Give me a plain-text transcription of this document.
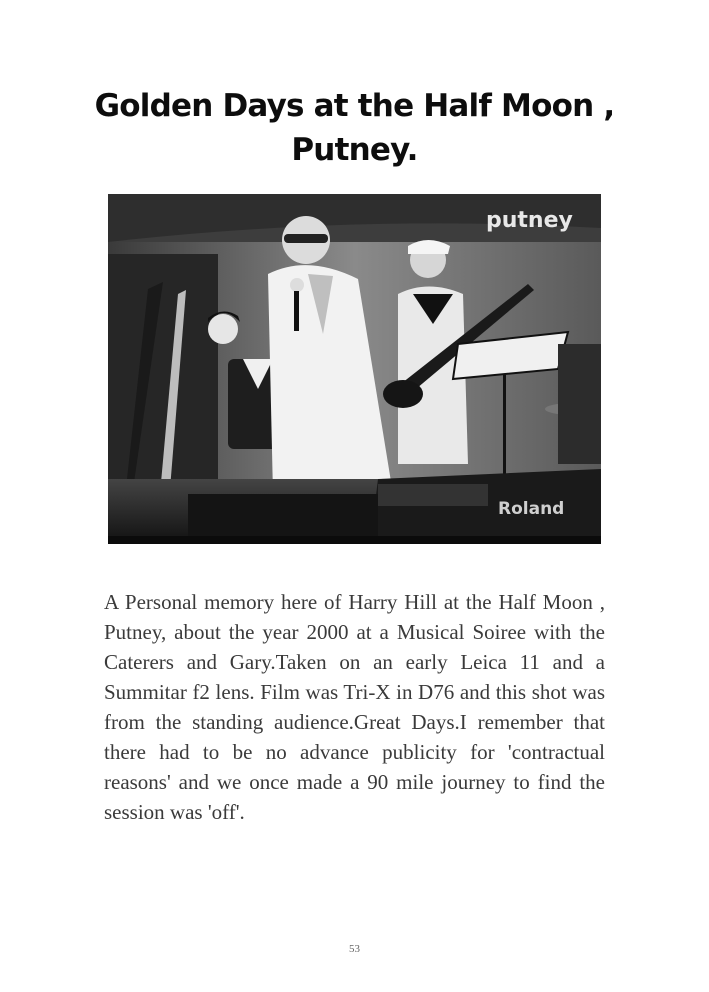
Golden Days at the Half Moon , Putney.
putney
Roland

A Personal memory here of Harry Hill at the Half Moon , Putney, about the year 2000 at a Musical Soiree with the Caterers and Gary.Taken on an early Leica 11 and a Summitar f2 lens. Film was Tri-X in D76 and this shot was from the standing audience.Great Days.I remember that there had to be no advance publicity for 'contractual reasons' and we once made a 90 mile journey to find the session was 'off'.

53
